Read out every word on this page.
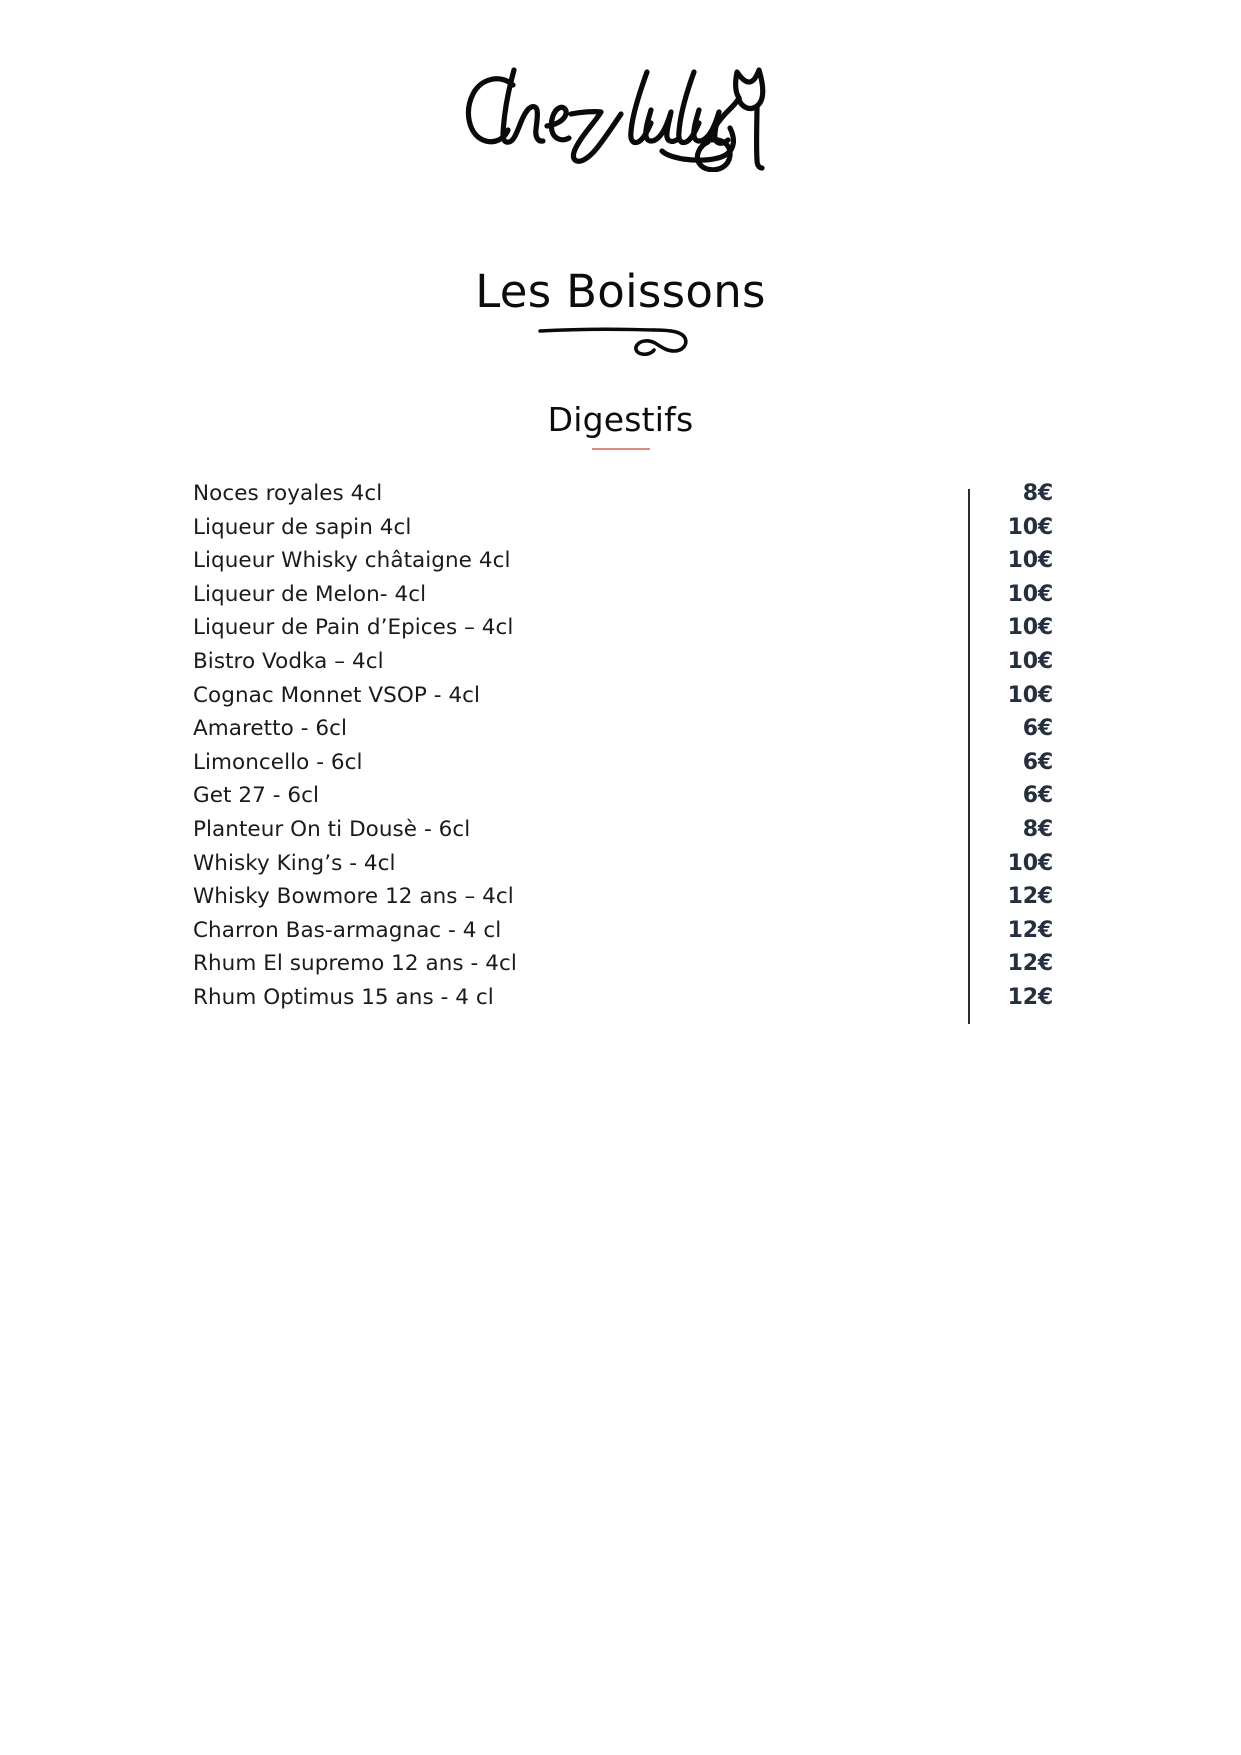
Les Boissons
Digestifs
Noces royales 4cl	8€
Liqueur de sapin 4cl	10€
Liqueur Whisky châtaigne 4cl	10€
Liqueur de Melon- 4cl	10€
Liqueur de Pain d’Epices – 4cl	10€
Bistro Vodka – 4cl	10€
Cognac Monnet VSOP - 4cl	10€
Amaretto - 6cl	6€
Limoncello - 6cl	6€
Get 27 - 6cl	6€
Planteur On ti Dousè - 6cl	8€
Whisky King’s - 4cl	10€
Whisky Bowmore 12 ans – 4cl	12€
Charron Bas-armagnac - 4 cl	12€
Rhum El supremo 12 ans - 4cl	12€
Rhum Optimus 15 ans - 4 cl	12€
